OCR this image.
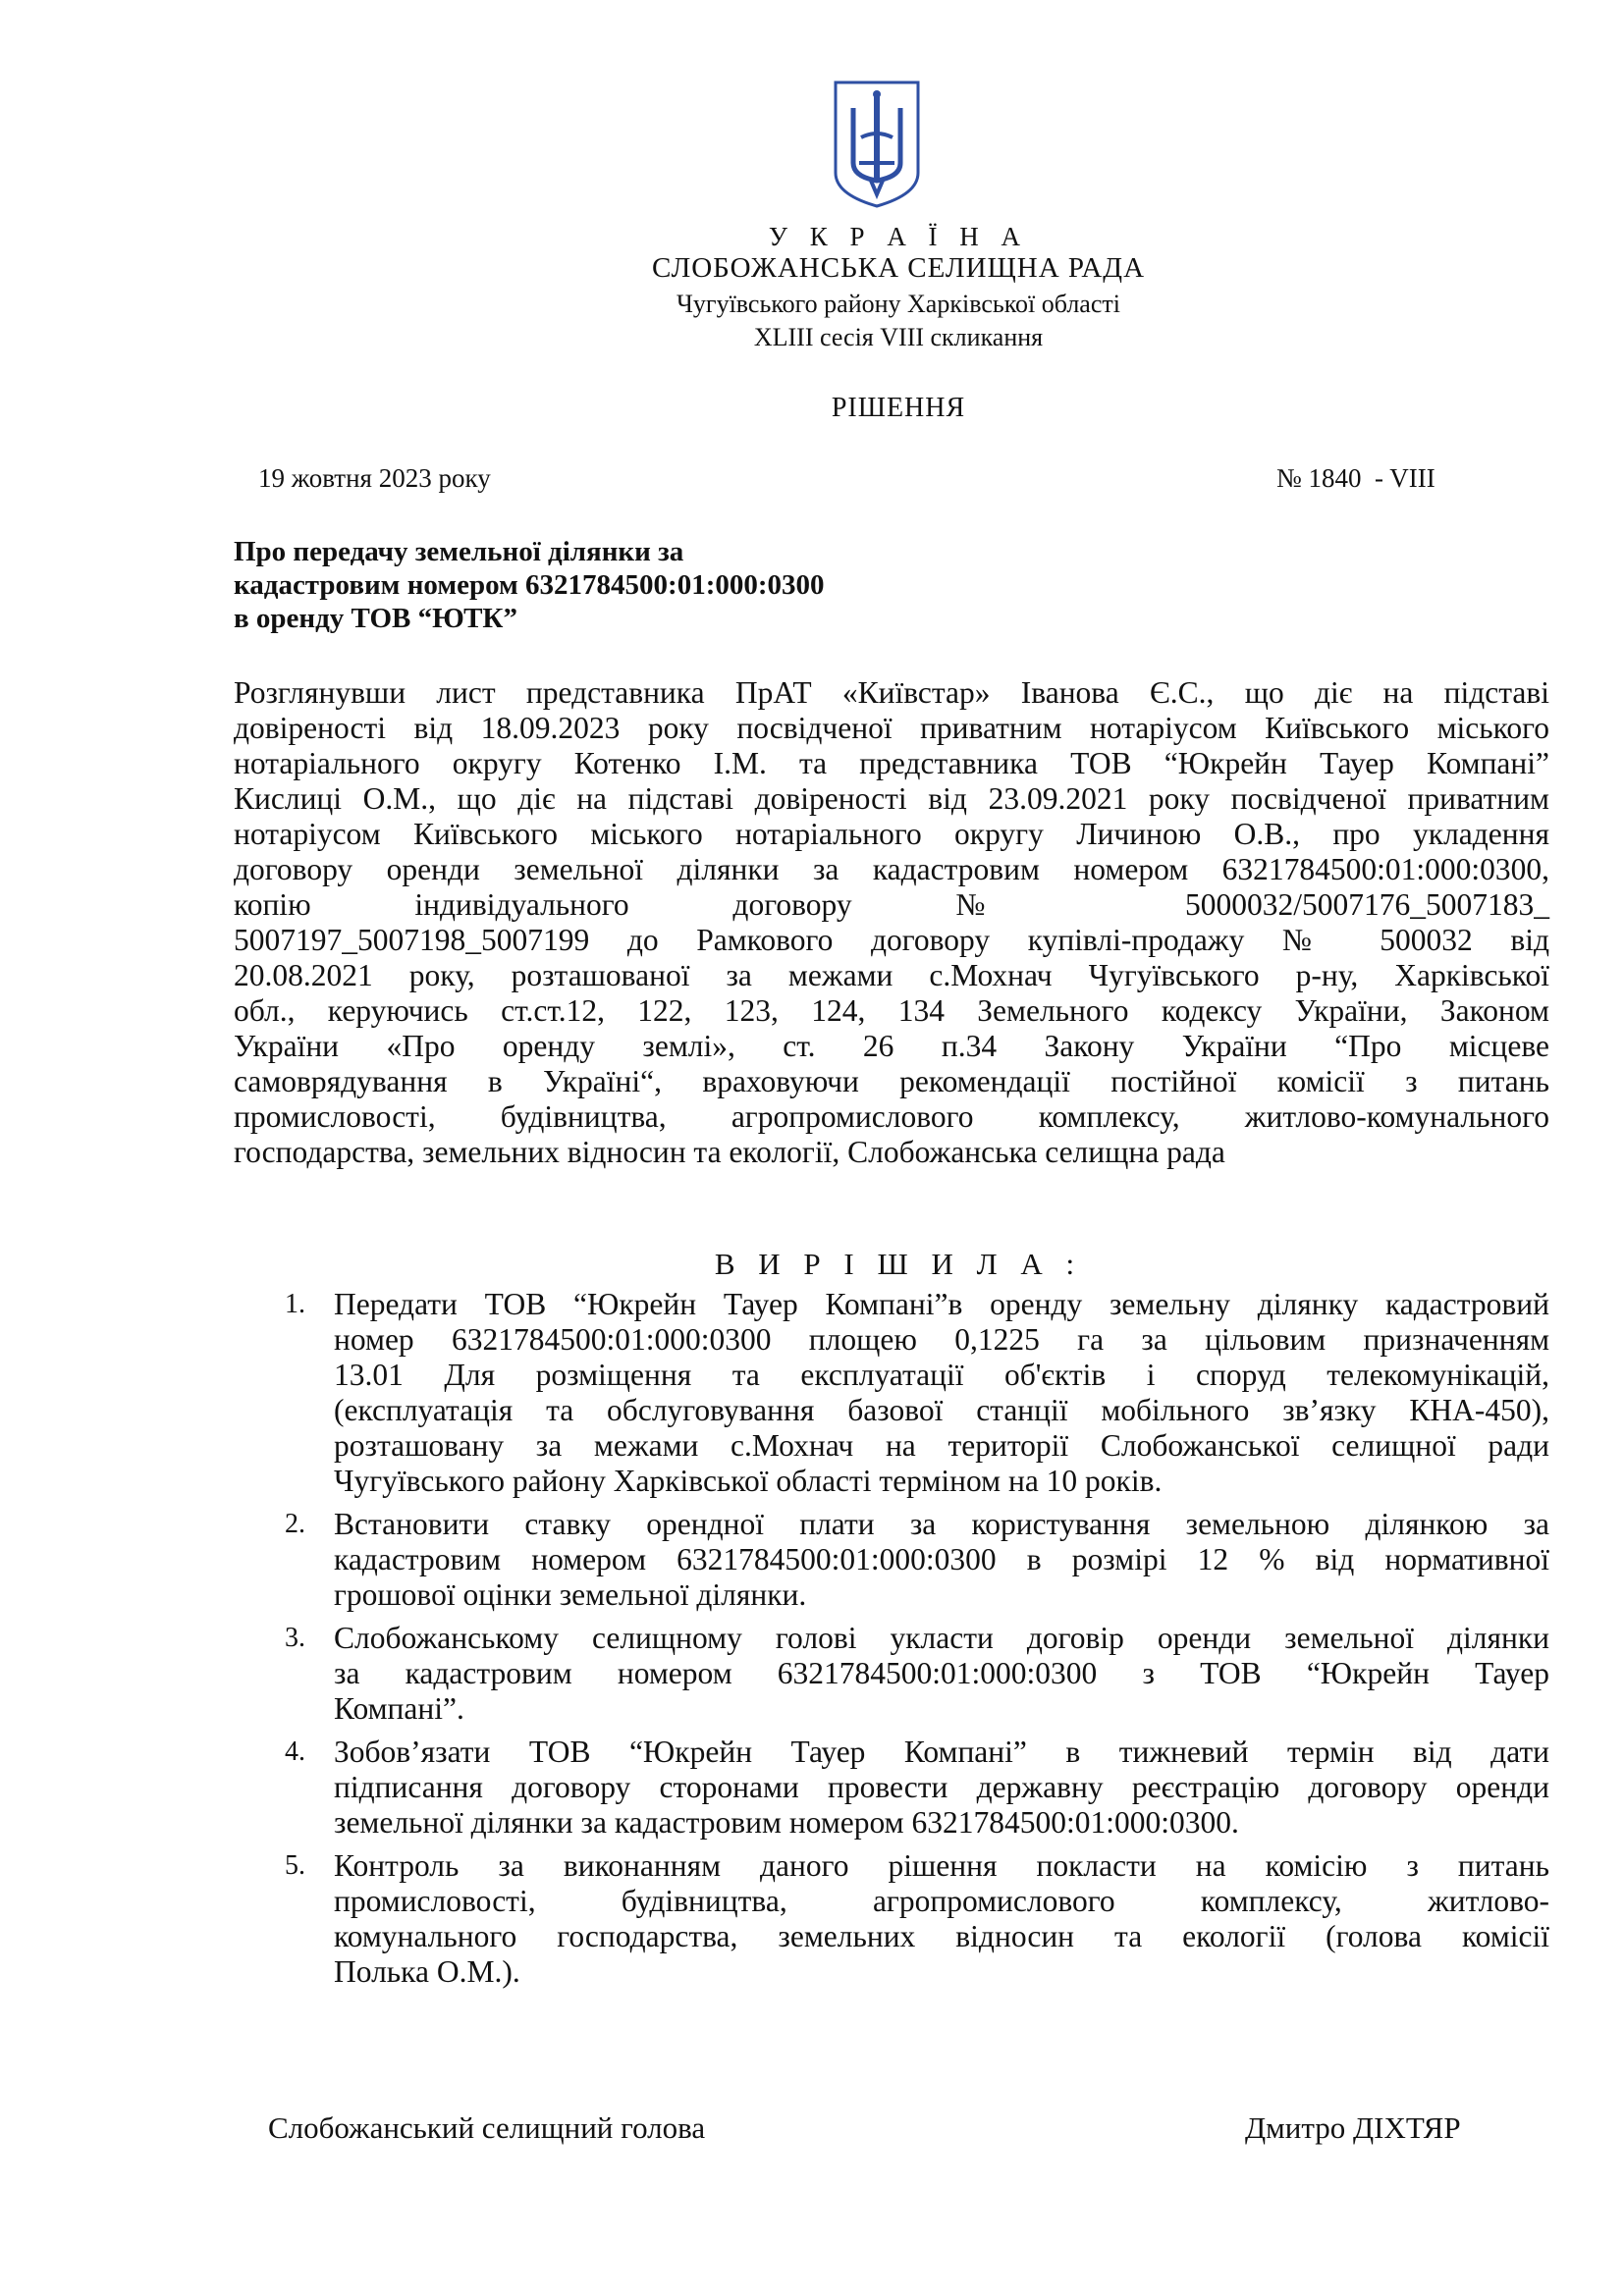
У К Р А Ї Н А
СЛОБОЖАНСЬКА СЕЛИЩНА РАДА
Чугуївського району Харківської області
XLIII сесія VIII скликання
РІШЕННЯ
19 жовтня 2023 року	№ 1840  - VIII
Про передачу земельної ділянки за
кадастровим номером 6321784500:01:000:0300
в оренду ТОВ “ЮТК”
Розглянувши лист представника ПрАТ «Київстар» Іванова Є.С., що діє на підставі
довіреності від 18.09.2023 року посвідченої приватним нотаріусом Київського міського
нотаріального округу Котенко І.М. та представника ТОВ “Юкрейн Тауер Компані”
Кислиці О.М., що діє на підставі довіреності від 23.09.2021 року посвідченої приватним
нотаріусом Київського міського нотаріального округу Личиною О.В., про укладення
договору оренди земельної ділянки за кадастровим номером 6321784500:01:000:0300,
копію індивідуального договору № 5000032/5007176_5007183_
5007197_5007198_5007199 до Рамкового договору купівлі-продажу № 500032 від
20.08.2021 року, розташованої за межами с.Мохнач Чугуївського р-ну, Харківської
обл., керуючись ст.ст.12, 122, 123, 124, 134 Земельного кодексу України, Законом
України «Про оренду землі», ст. 26 п.34 Закону України “Про місцеве
самоврядування в Україні“, враховуючи рекомендації постійної комісії з питань
промисловості, будівництва, агропромислового комплексу, житлово-комунального
господарства, земельних відносин та екології, Слобожанська селищна рада
В И Р І Ш И Л А :
1. Передати ТОВ “Юкрейн Тауер Компані”в оренду земельну ділянку кадастровий
номер 6321784500:01:000:0300 площею 0,1225 га за цільовим призначенням
13.01 Для розміщення та експлуатації об'єктів і споруд телекомунікацій,
(експлуатація та обслуговування базової станції мобільного зв’язку КНА-450),
розташовану за межами с.Мохнач на території Слобожанської селищної ради
Чугуївського району Харківської області терміном на 10 років.
2. Встановити ставку орендної плати за користування земельною ділянкою за
кадастровим номером 6321784500:01:000:0300 в розмірі 12 % від нормативної
грошової оцінки земельної ділянки.
3. Слобожанському селищному голові укласти договір оренди земельної ділянки
за кадастровим номером 6321784500:01:000:0300 з ТОВ “Юкрейн Тауер
Компані”.
4. Зобов’язати ТОВ “Юкрейн Тауер Компані” в тижневий термін від дати
підписання договору сторонами провести державну реєстрацію договору оренди
земельної ділянки за кадастровим номером 6321784500:01:000:0300.
5. Контроль за виконанням даного рішення покласти на комісію з питань
промисловості, будівництва, агропромислового комплексу, житлово-
комунального господарства, земельних відносин та екології (голова комісії
Полька О.М.).
Слобожанський селищний голова	Дмитро ДІХТЯР
